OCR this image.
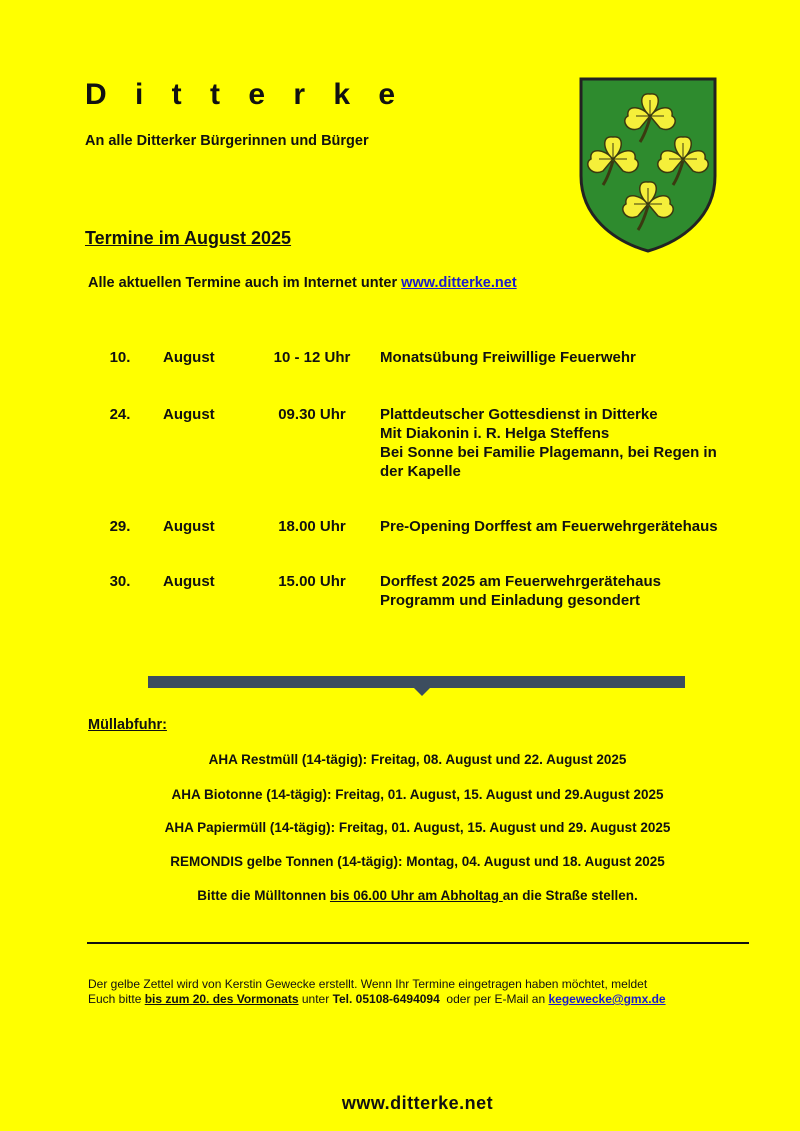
D i t t e r k e
An alle Ditterker Bürgerinnen und Bürger
Termine im August 2025
Alle aktuellen Termine auch im Internet unter www.ditterke.net
10.	August	10 - 12 Uhr	Monatsübung Freiwillige Feuerwehr
24.	August	09.30 Uhr	Plattdeutscher Gottesdienst in Ditterke
Mit Diakonin i. R. Helga Steffens
Bei Sonne bei Familie Plagemann, bei Regen in
der Kapelle
29.	August	18.00 Uhr	Pre-Opening Dorffest am Feuerwehrgerätehaus
30.	August	15.00 Uhr	Dorffest 2025 am Feuerwehrgerätehaus
Programm und Einladung gesondert
Müllabfuhr:
AHA Restmüll (14-tägig): Freitag, 08. August und 22. August 2025
AHA Biotonne (14-tägig): Freitag, 01. August, 15. August und 29.August 2025
AHA Papiermüll (14-tägig): Freitag, 01. August, 15. August und 29. August 2025
REMONDIS gelbe Tonnen (14-tägig): Montag, 04. August und 18. August 2025
Bitte die Mülltonnen bis 06.00 Uhr am Abholtag an die Straße stellen.
Der gelbe Zettel wird von Kerstin Gewecke erstellt. Wenn Ihr Termine eingetragen haben möchtet, meldet
Euch bitte bis zum 20. des Vormonats unter Tel. 05108-6494094  oder per E-Mail an kegewecke@gmx.de
www.ditterke.net
